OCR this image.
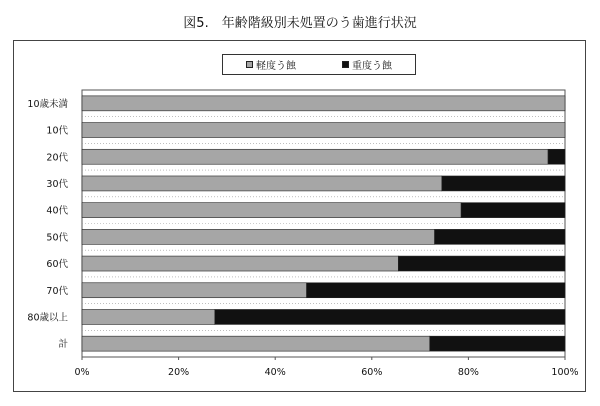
図5.　年齢階級別未処置のう歯進行状況
10歳未満
10代
20代
30代
40代
50代
60代
70代
80歳以上
計
0%	20%	40%	60%	80%	100%
軽度う蝕	重度う蝕
